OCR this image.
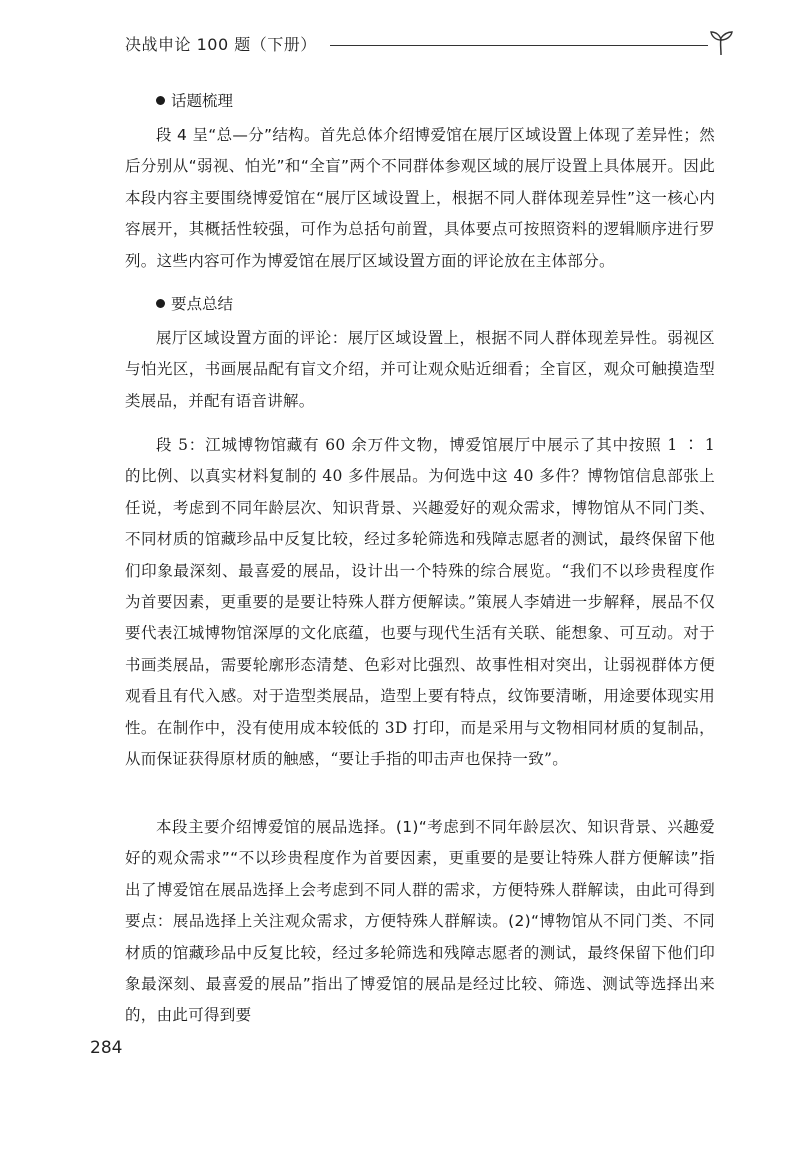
决战申论 100 题（下册）

话题梳理

段 4 呈“总—分”结构。首先总体介绍博爱馆在展厅区域设置上体现了差异性；然后分别从“弱视、怕光”和“全盲”两个不同群体参观区域的展厅设置上具体展开。因此本段内容主要围绕博爱馆在“展厅区域设置上，根据不同人群体现差异性”这一核心内容展开，其概括性较强，可作为总括句前置，具体要点可按照资料的逻辑顺序进行罗列。这些内容可作为博爱馆在展厅区域设置方面的评论放在主体部分。

要点总结

展厅区域设置方面的评论：展厅区域设置上，根据不同人群体现差异性。弱视区与怕光区，书画展品配有盲文介绍，并可让观众贴近细看；全盲区，观众可触摸造型类展品，并配有语音讲解。

段 5：江城博物馆藏有 60 余万件文物，博爱馆展厅中展示了其中按照 1 ∶ 1 的比例、以真实材料复制的 40 多件展品。为何选中这 40 多件？博物馆信息部张上任说，考虑到不同年龄层次、知识背景、兴趣爱好的观众需求，博物馆从不同门类、不同材质的馆藏珍品中反复比较，经过多轮筛选和残障志愿者的测试，最终保留下他们印象最深刻、最喜爱的展品，设计出一个特殊的综合展览。“我们不以珍贵程度作为首要因素，更重要的是要让特殊人群方便解读。”策展人李婧进一步解释，展品不仅要代表江城博物馆深厚的文化底蕴，也要与现代生活有关联、能想象、可互动。对于书画类展品，需要轮廓形态清楚、色彩对比强烈、故事性相对突出，让弱视群体方便观看且有代入感。对于造型类展品，造型上要有特点，纹饰要清晰，用途要体现实用性。在制作中，没有使用成本较低的 3D 打印，而是采用与文物相同材质的复制品，从而保证获得原材质的触感，“要让手指的叩击声也保持一致”。

本段主要介绍博爱馆的展品选择。(1)“考虑到不同年龄层次、知识背景、兴趣爱好的观众需求”“不以珍贵程度作为首要因素，更重要的是要让特殊人群方便解读”指出了博爱馆在展品选择上会考虑到不同人群的需求，方便特殊人群解读，由此可得到要点：展品选择上关注观众需求，方便特殊人群解读。(2)“博物馆从不同门类、不同材质的馆藏珍品中反复比较，经过多轮筛选和残障志愿者的测试，最终保留下他们印象最深刻、最喜爱的展品”指出了博爱馆的展品是经过比较、筛选、测试等选择出来的，由此可得到要

284
